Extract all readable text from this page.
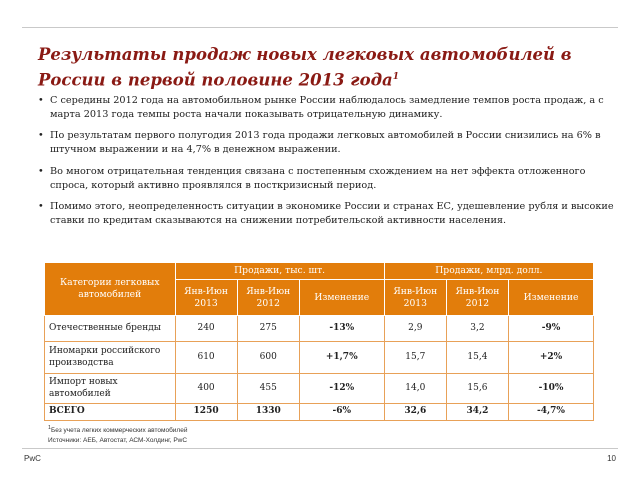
Результаты продаж новых легковых автомобилей в России в первой половине 2013 года$^1$
• С середины 2012 года на автомобильном рынке России наблюдалось замедление темпов роста продаж, а с марта 2013 года темпы роста начали показывать отрицательную динамику.
• По результатам первого полугодия 2013 года продажи легковых автомобилей в России снизились на 6% в штучном выражении и на 4,7% в денежном выражении.
• Во многом отрицательная тенденция связана с постепенным схождением на нет эффекта отложенного спроса, который активно проявлялся в посткризисный период.
• Помимо этого, неопределенность ситуации в экономике России и странах ЕС, удешевление рубля и высокие ставки по кредитам сказываются на снижении потребительской активности населения.
Категории легковых автомобилей	Продажи, тыс. шт.			Продажи, млрд. долл.		
	Янв-Июн 2013	Янв-Июн 2012	Изменение	Янв-Июн 2013	Янв-Июн 2012	Изменение
Отечественные бренды	240	275	-13%	2,9	3,2	-9%
Иномарки российского производства	610	600	+1,7%	15,7	15,4	+2%
Импорт новых автомобилей	400	455	-12%	14,0	15,6	-10%
ВСЕГО	1250	1330	-6%	32,6	34,2	-4,7%
$^1$Без учета легких коммерческих автомобилей
Источники: АЕБ, Автостат, АСМ-Холдинг, PwC
PwC	10
